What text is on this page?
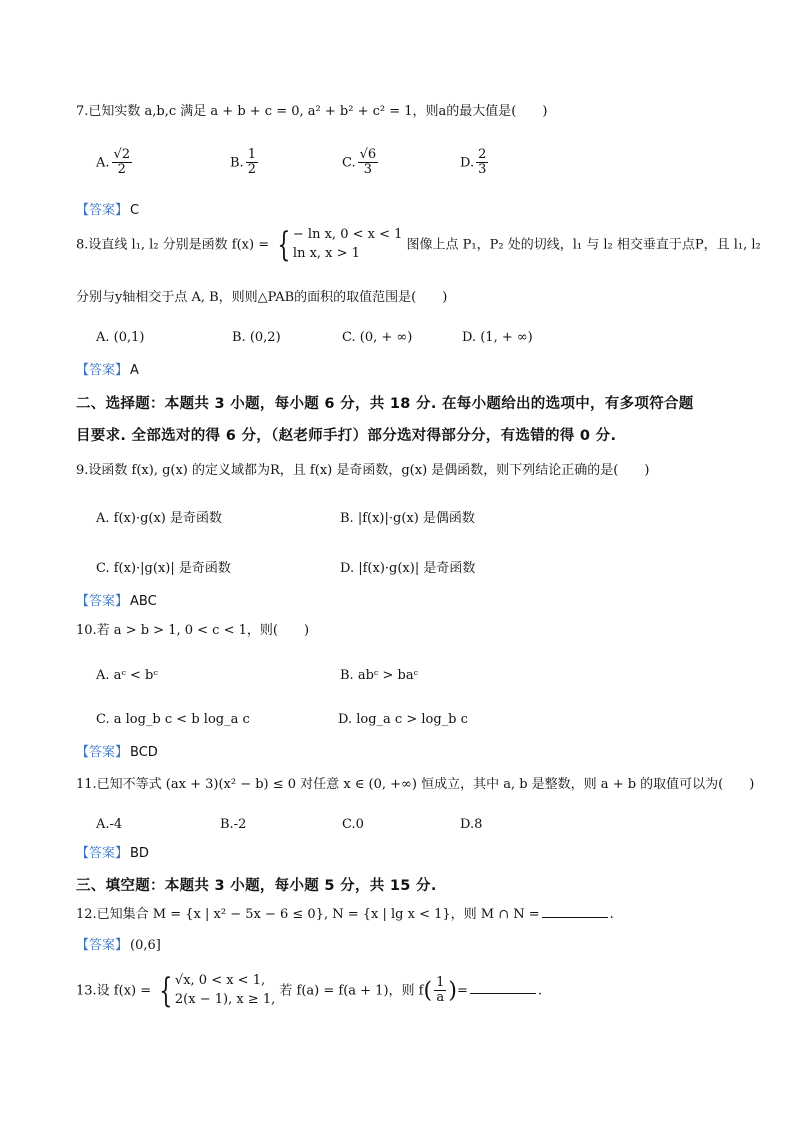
7.已知实数 a,b,c 满足 a + b + c = 0, a² + b² + c² = 1，则a的最大值是(　　)
A. $\frac{√2}{2}$	B. $\frac{1}{2}$	C. $\frac{√6}{3}$	D. $\frac{2}{3}$
【答案】 C
8.设直线 l₁, l₂ 分别是函数 f(x) = { − ln x, 0 < x < 1
ln x, x > 1
图像上点 P₁，P₂ 处的切线，l₁ 与 l₂ 相交垂直于点P，且 l₁, l₂
分别与y轴相交于点 A, B，则则△PAB的面积的取值范围是(　　)
A. (0,1)	B. (0,2)	C. (0, + ∞)	D. (1, + ∞)
【答案】 A
二、选择题：本题共 3 小题，每小题 6 分，共 18 分. 在每小题给出的选项中，有多项符合题
目要求. 全部选对的得 6 分，（赵老师手打）部分选对得部分分，有选错的得 0 分.
9.设函数 f(x), g(x) 的定义域都为R，且 f(x) 是奇函数，g(x) 是偶函数，则下列结论正确的是(　　)
A. f(x)·g(x) 是奇函数	B. |f(x)|·g(x) 是偶函数
C. f(x)·|g(x)| 是奇函数	D. |f(x)·g(x)| 是奇函数
【答案】 ABC
10.若 a > b > 1, 0 < c < 1，则(　　)
A. aᶜ < bᶜ	B. abᶜ > baᶜ
C. a log_b c < b log_a c	D. log_a c > log_b c
【答案】 BCD
11.已知不等式 (ax + 3)(x² − b) ≤ 0 对任意 x ∈ (0, +∞) 恒成立，其中 a, b 是整数，则 a + b 的取值可以为(　　)
A.-4	B.-2	C.0	D.8
【答案】 BD
三、填空题：本题共 3 小题，每小题 5 分，共 15 分.
12.已知集合 M = {x | x² − 5x − 6 ≤ 0}, N = {x | lg x < 1}，则 M ∩ N =	.
【答案】 (0,6]
13.设 f(x) = { √x, 0 < x < 1,
2(x − 1), x ≥ 1,
若 f(a) = f(a + 1)，则 $f( \frac{1}{a}$ )=	.
